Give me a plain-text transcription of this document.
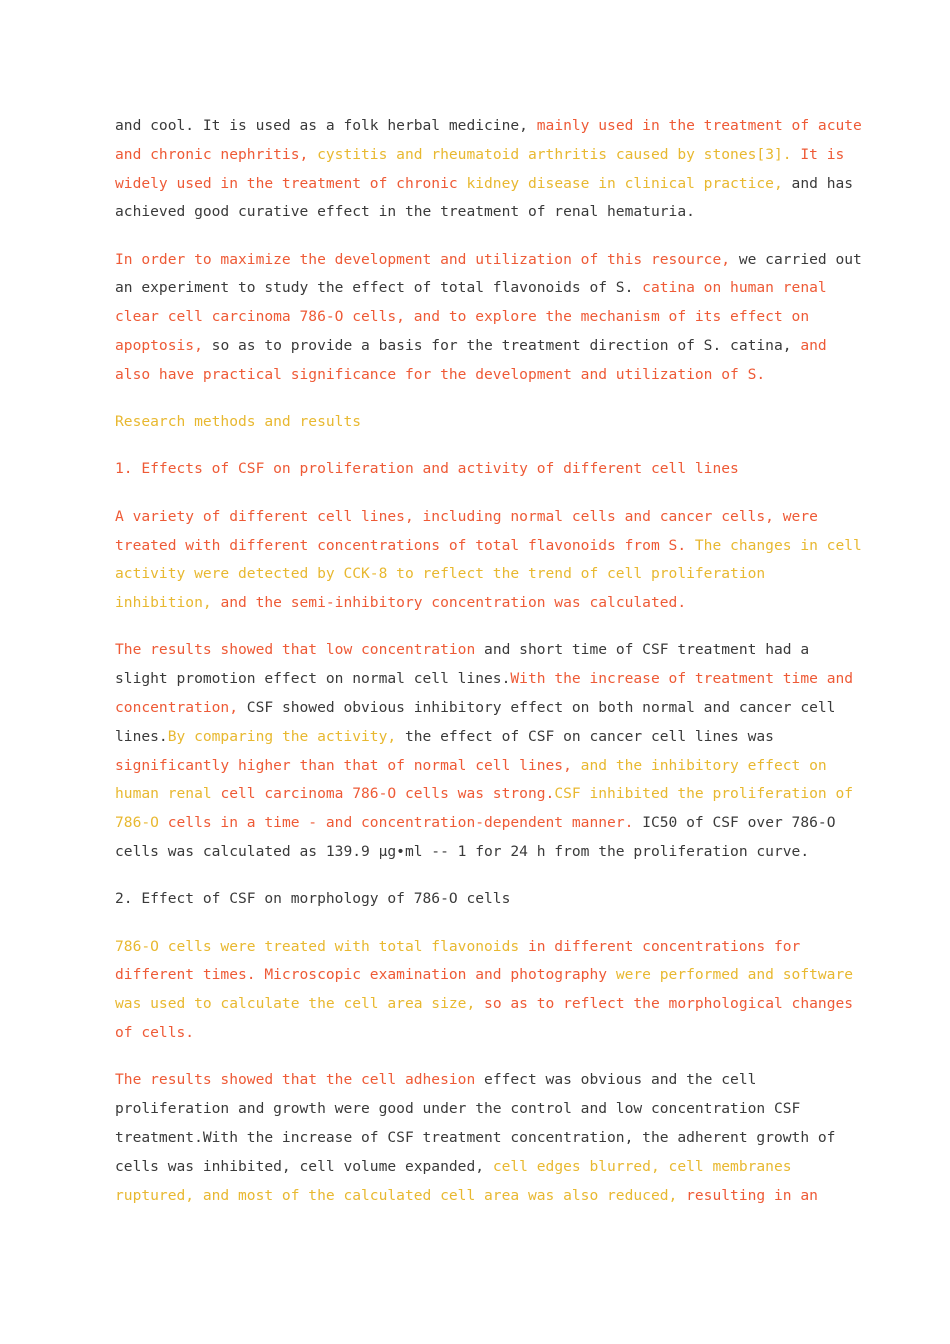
and cool. It is used as a folk herbal medicine, mainly used in the treatment of acute
and chronic nephritis, cystitis and rheumatoid arthritis caused by stones[3]. It is
widely used in the treatment of chronic kidney disease in clinical practice, and has
achieved good curative effect in the treatment of renal hematuria.
In order to maximize the development and utilization of this resource, we carried out
an experiment to study the effect of total flavonoids of S. catina on human renal
clear cell carcinoma 786-O cells, and to explore the mechanism of its effect on
apoptosis, so as to provide a basis for the treatment direction of S. catina, and
also have practical significance for the development and utilization of S.
Research methods and results
1. Effects of CSF on proliferation and activity of different cell lines
A variety of different cell lines, including normal cells and cancer cells, were
treated with different concentrations of total flavonoids from S. The changes in cell
activity were detected by CCK-8 to reflect the trend of cell proliferation
inhibition, and the semi-inhibitory concentration was calculated.
The results showed that low concentration and short time of CSF treatment had a
slight promotion effect on normal cell lines.With the increase of treatment time and
concentration, CSF showed obvious inhibitory effect on both normal and cancer cell
lines.By comparing the activity, the effect of CSF on cancer cell lines was
significantly higher than that of normal cell lines, and the inhibitory effect on
human renal cell carcinoma 786-O cells was strong.CSF inhibited the proliferation of
786-O cells in a time - and concentration-dependent manner. IC50 of CSF over 786-O
cells was calculated as 139.9 µg•ml -- 1 for 24 h from the proliferation curve.
2. Effect of CSF on morphology of 786-O cells
786-O cells were treated with total flavonoids in different concentrations for
different times. Microscopic examination and photography were performed and software
was used to calculate the cell area size, so as to reflect the morphological changes
of cells.
The results showed that the cell adhesion effect was obvious and the cell
proliferation and growth were good under the control and low concentration CSF
treatment.With the increase of CSF treatment concentration, the adherent growth of
cells was inhibited, cell volume expanded, cell edges blurred, cell membranes
ruptured, and most of the calculated cell area was also reduced, resulting in an
